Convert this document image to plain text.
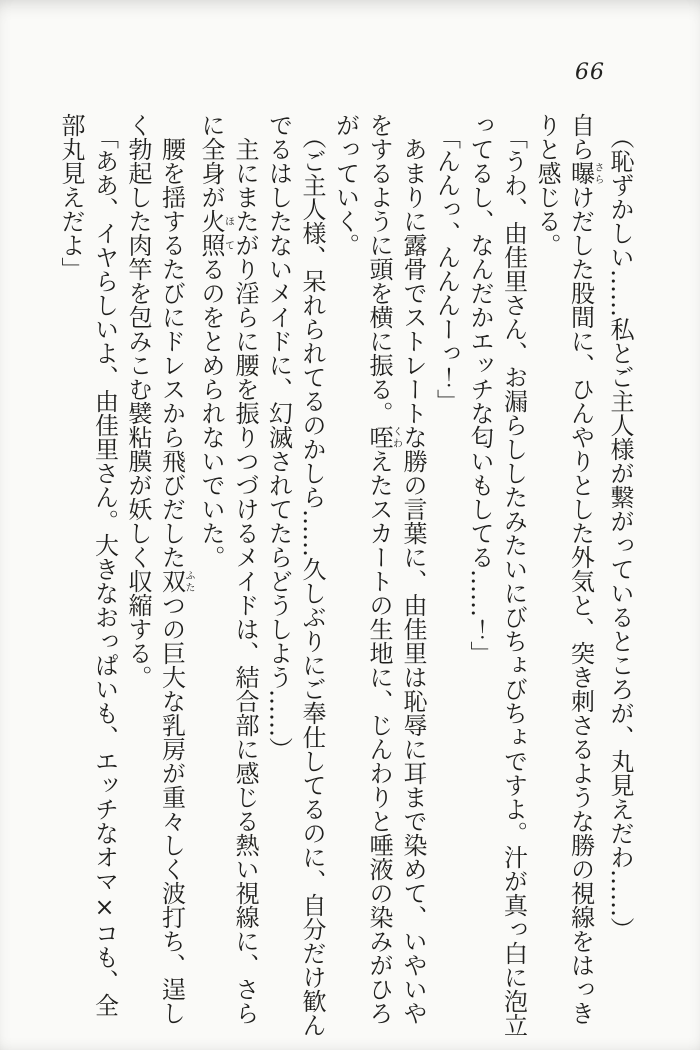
66

（恥ずかしい……私とご主人様が繋がっているところが、丸見えだわ……）

自ら曝さらけだした股間に、ひんやりとした外気と、突き刺さるような勝の視線をはっきりと感じる。

「うわ、由佳里さん、お漏らししたみたいにびちょびちょですよ。汁が真っ白に泡立ってるし、なんだかエッチな匂いもしてる……！」

「んんっ、んんんーっ！」

あまりに露骨でストレートな勝の言葉に、由佳里は恥辱に耳まで染めて、いやいやをするように頭を横に振る。咥くわえたスカートの生地に、じんわりと唾液の染みがひろがっていく。

（ご主人様、呆れられてるのかしら……久しぶりにご奉仕してるのに、自分だけ歓んでるはしたないメイドに、幻滅されてたらどうしよう……）

主にまたがり淫らに腰を振りつづけるメイドは、結合部に感じる熱い視線に、さらに全身が火照ほてるのをとめられないでいた。

腰を揺するたびにドレスから飛びだした双ふたつの巨大な乳房が重々しく波打ち、逞しく勃起した肉竿を包みこむ襞粘膜が妖しく収縮する。

「ああ、イヤらしいよ、由佳里さん。大きなおっぱいも、エッチなオマ×コも、全部丸見えだよ」
